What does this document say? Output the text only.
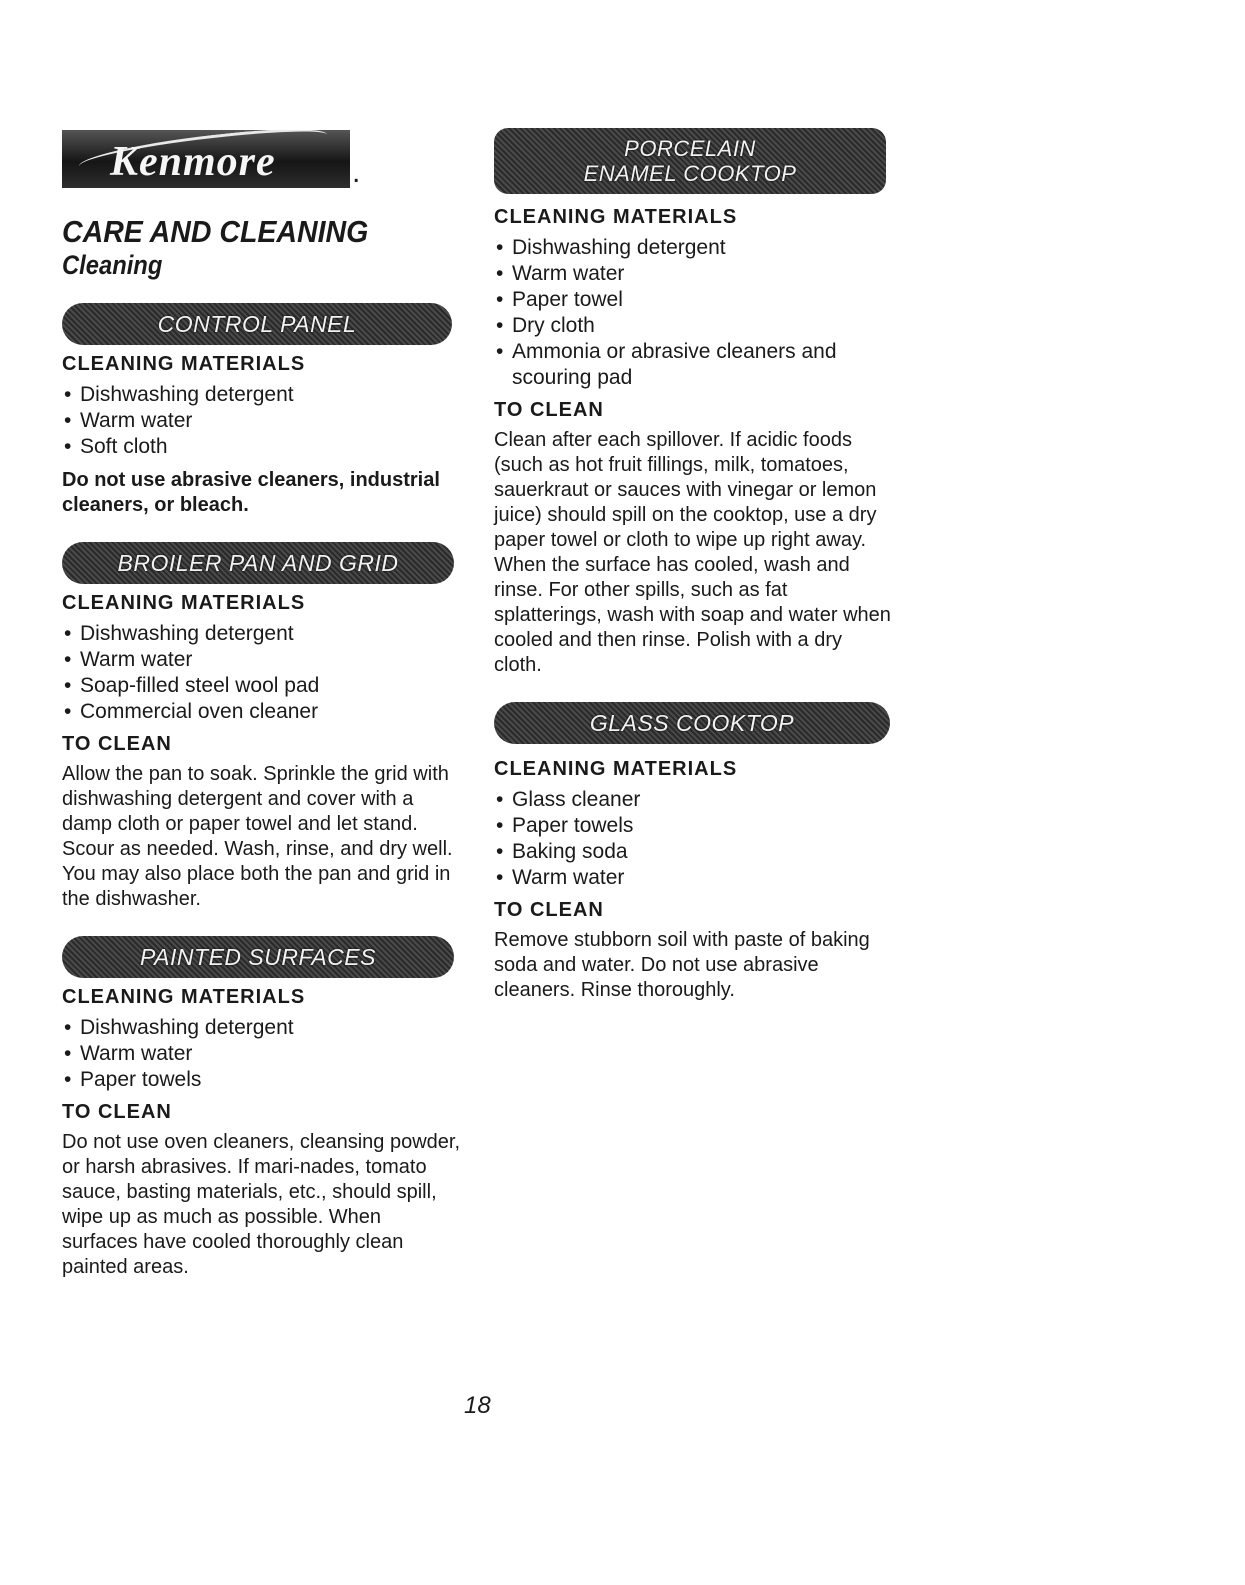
Kenmore	.
CARE AND CLEANING
Cleaning
CONTROL PANEL
CLEANING MATERIALS
• Dishwashing detergent
• Warm water
• Soft cloth
Do not use abrasive cleaners, industrial cleaners, or bleach.
BROILER PAN AND GRID
CLEANING MATERIALS
• Dishwashing detergent
• Warm water
• Soap-filled steel wool pad
• Commercial oven cleaner
TO CLEAN
Allow the pan to soak. Sprinkle the grid with dishwashing detergent and cover with a damp cloth or paper towel and let stand. Scour as needed. Wash, rinse, and dry well. You may also place both the pan and grid in the dishwasher.
PAINTED SURFACES
CLEANING MATERIALS
• Dishwashing detergent
• Warm water
• Paper towels
TO CLEAN
Do not use oven cleaners, cleansing powder, or harsh abrasives. If mari-nades, tomato sauce, basting materials, etc., should spill, wipe up as much as possible. When surfaces have cooled thoroughly clean painted areas.
PORCELAIN
ENAMEL COOKTOP
CLEANING MATERIALS
• Dishwashing detergent
• Warm water
• Paper towel
• Dry cloth
• Ammonia or abrasive cleaners and scouring pad
TO CLEAN
Clean after each spillover. If acidic foods (such as hot fruit fillings, milk, tomatoes, sauerkraut or sauces with vinegar or lemon juice) should spill on the cooktop, use a dry paper towel or cloth to wipe up right away. When the surface has cooled, wash and rinse. For other spills, such as fat splatterings, wash with soap and water when cooled and then rinse. Polish with a dry cloth.
GLASS COOKTOP
CLEANING MATERIALS
• Glass cleaner
• Paper towels
• Baking soda
• Warm water
TO CLEAN
Remove stubborn soil with paste of baking soda and water. Do not use abrasive cleaners. Rinse thoroughly.
18
